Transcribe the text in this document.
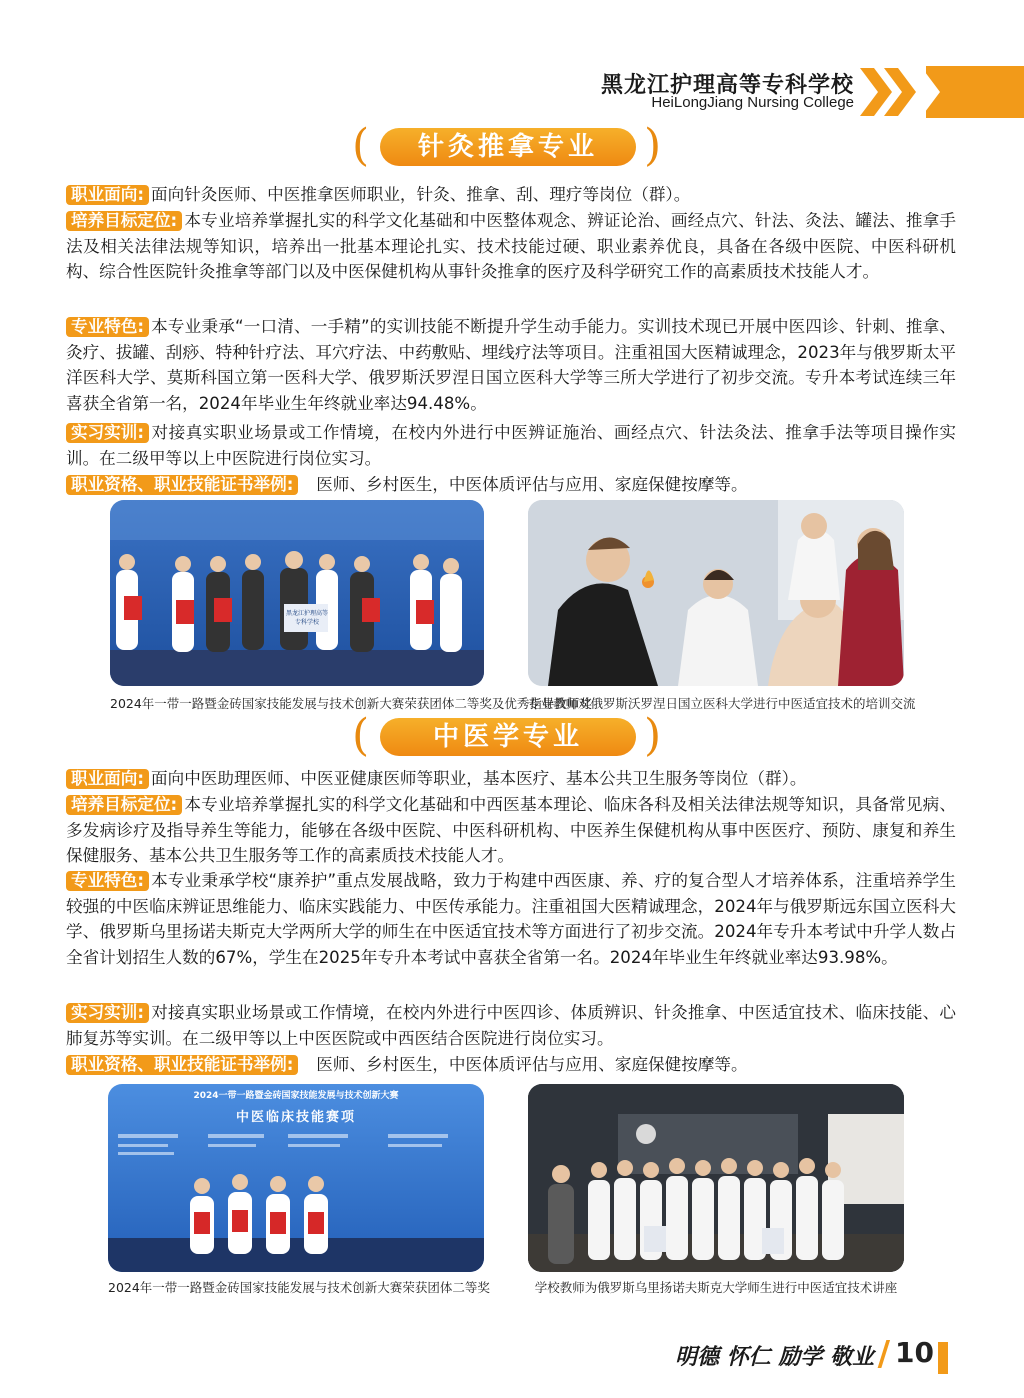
黑龙江护理高等专科学校
HeiLongJiang Nursing College
(	针灸推拿专业	)
职业面向: 面向针灸医师、中医推拿医师职业，针灸、推拿、刮、理疗等岗位（群）。
培养目标定位: 本专业培养掌握扎实的科学文化基础和中医整体观念、辨证论治、画经点穴、针法、灸法、罐法、推拿手法及相关法律法规等知识，培养出一批基本理论扎实、技术技能过硬、职业素养优良，具备在各级中医院、中医科研机构、综合性医院针灸推拿等部门以及中医保健机构从事针灸推拿的医疗及科学研究工作的高素质技术技能人才。
专业特色: 本专业秉承“一口清、一手精”的实训技能不断提升学生动手能力。实训技术现已开展中医四诊、针刺、推拿、灸疗、拔罐、刮痧、特种针疗法、耳穴疗法、中药敷贴、埋线疗法等项目。注重祖国大医精诚理念，2023年与俄罗斯太平洋医科大学、莫斯科国立第一医科大学、俄罗斯沃罗涅日国立医科大学等三所大学进行了初步交流。专升本考试连续三年喜获全省第一名，2024年毕业生年终就业率达94.48%。
实习实训: 对接真实职业场景或工作情境，在校内外进行中医辨证施治、画经点穴、针法灸法、推拿手法等项目操作实训。在二级甲等以上中医院进行岗位实习。
职业资格、职业技能证书举例: 医师、乡村医生，中医体质评估与应用、家庭保健按摩等。
黑龙江护理高等专科学校
2024年一带一路暨金砖国家技能发展与技术创新大赛荣获团体二等奖及优秀指导教师奖
专业教师对俄罗斯沃罗涅日国立医科大学进行中医适宜技术的培训交流
(	中医学专业	)
职业面向: 面向中医助理医师、中医亚健康医师等职业，基本医疗、基本公共卫生服务等岗位（群）。
培养目标定位: 本专业培养掌握扎实的科学文化基础和中西医基本理论、临床各科及相关法律法规等知识，具备常见病、多发病诊疗及指导养生等能力，能够在各级中医院、中医科研机构、中医养生保健机构从事中医医疗、预防、康复和养生保健服务、基本公共卫生服务等工作的高素质技术技能人才。
专业特色: 本专业秉承学校“康养护”重点发展战略，致力于构建中西医康、养、疗的复合型人才培养体系，注重培养学生较强的中医临床辨证思维能力、临床实践能力、中医传承能力。注重祖国大医精诚理念，2024年与俄罗斯远东国立医科大学、俄罗斯乌里扬诺夫斯克大学两所大学的师生在中医适宜技术等方面进行了初步交流。2024年专升本考试中升学人数占全省计划招生人数的67%，学生在2025年专升本考试中喜获全省第一名。2024年毕业生年终就业率达93.98%。
实习实训: 对接真实职业场景或工作情境，在校内外进行中医四诊、体质辨识、针灸推拿、中医适宜技术、临床技能、心肺复苏等实训。在二级甲等以上中医医院或中西医结合医院进行岗位实习。
职业资格、职业技能证书举例: 医师、乡村医生，中医体质评估与应用、家庭保健按摩等。
2024一带一路暨金砖国家技能发展与技术创新大赛
中医临床技能赛项
2024年一带一路暨金砖国家技能发展与技术创新大赛荣获团体二等奖	学校教师为俄罗斯乌里扬诺夫斯克大学师生进行中医适宜技术讲座
明德 怀仁 励学 敬业 / 10
